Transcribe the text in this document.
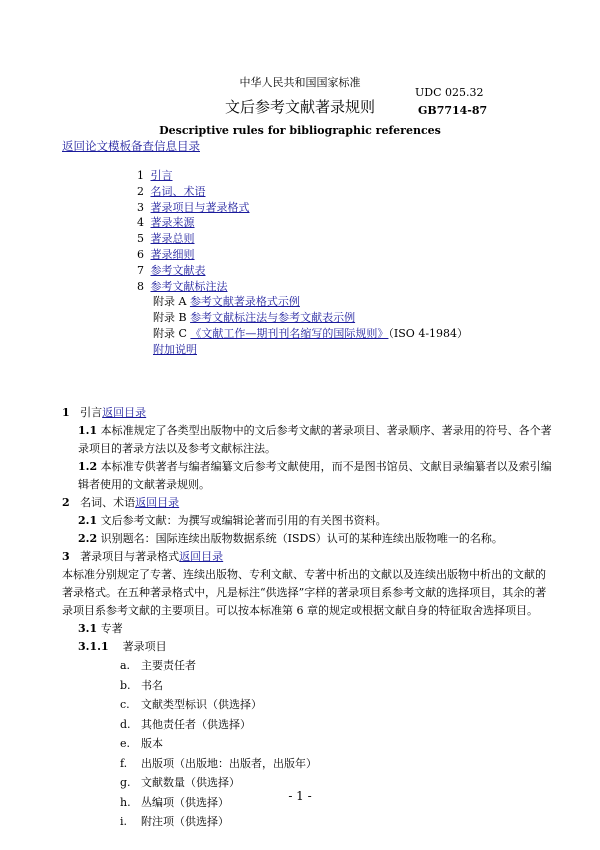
中华人民共和国国家标准
文后参考文献著录规则
UDC 025.32
GB7714-87
Descriptive rules for bibliographic references
返回论文模板备查信息目录
1 引言
2 名词、术语
3 著录项目与著录格式
4 著录来源
5 著录总则
6 著录细则
7 参考文献表
8 参考文献标注法
附录 A 参考文献著录格式示例
附录 B 参考文献标注法与参考文献表示例
附录 C 《文献工作—期刊刊名缩写的国际规则》（ISO 4-1984）
附加说明
1 引言返回目录
1.1 本标准规定了各类型出版物中的文后参考文献的著录项目、著录顺序、著录用的符号、各个著录项目的著录方法以及参考文献标注法。
1.2 本标准专供著者与编者编纂文后参考文献使用，而不是图书馆员、文献目录编纂者以及索引编辑者使用的文献著录规则。
2 名词、术语返回目录
2.1 文后参考文献：为撰写或编辑论著而引用的有关图书资料。
2.2 识别题名：国际连续出版物数据系统（ISDS）认可的某种连续出版物唯一的名称。
3 著录项目与著录格式返回目录
本标准分别规定了专著、连续出版物、专利文献、专著中析出的文献以及连续出版物中析出的文献的著录格式。在五种著录格式中，凡是标注“供选择”字样的著录项目系参考文献的选择项目，其余的著录项目系参考文献的主要项目。可以按本标准第 6 章的规定或根据文献自身的特征取舍选择项目。
3.1 专著
3.1.1 著录项目
a. 主要责任者
b. 书名
c. 文献类型标识（供选择）
d. 其他责任者（供选择）
e. 版本
f. 出版项（出版地：出版者，出版年）
g. 文献数量（供选择）
h. 丛编项（供选择）
i. 附注项（供选择）
- 1 -
